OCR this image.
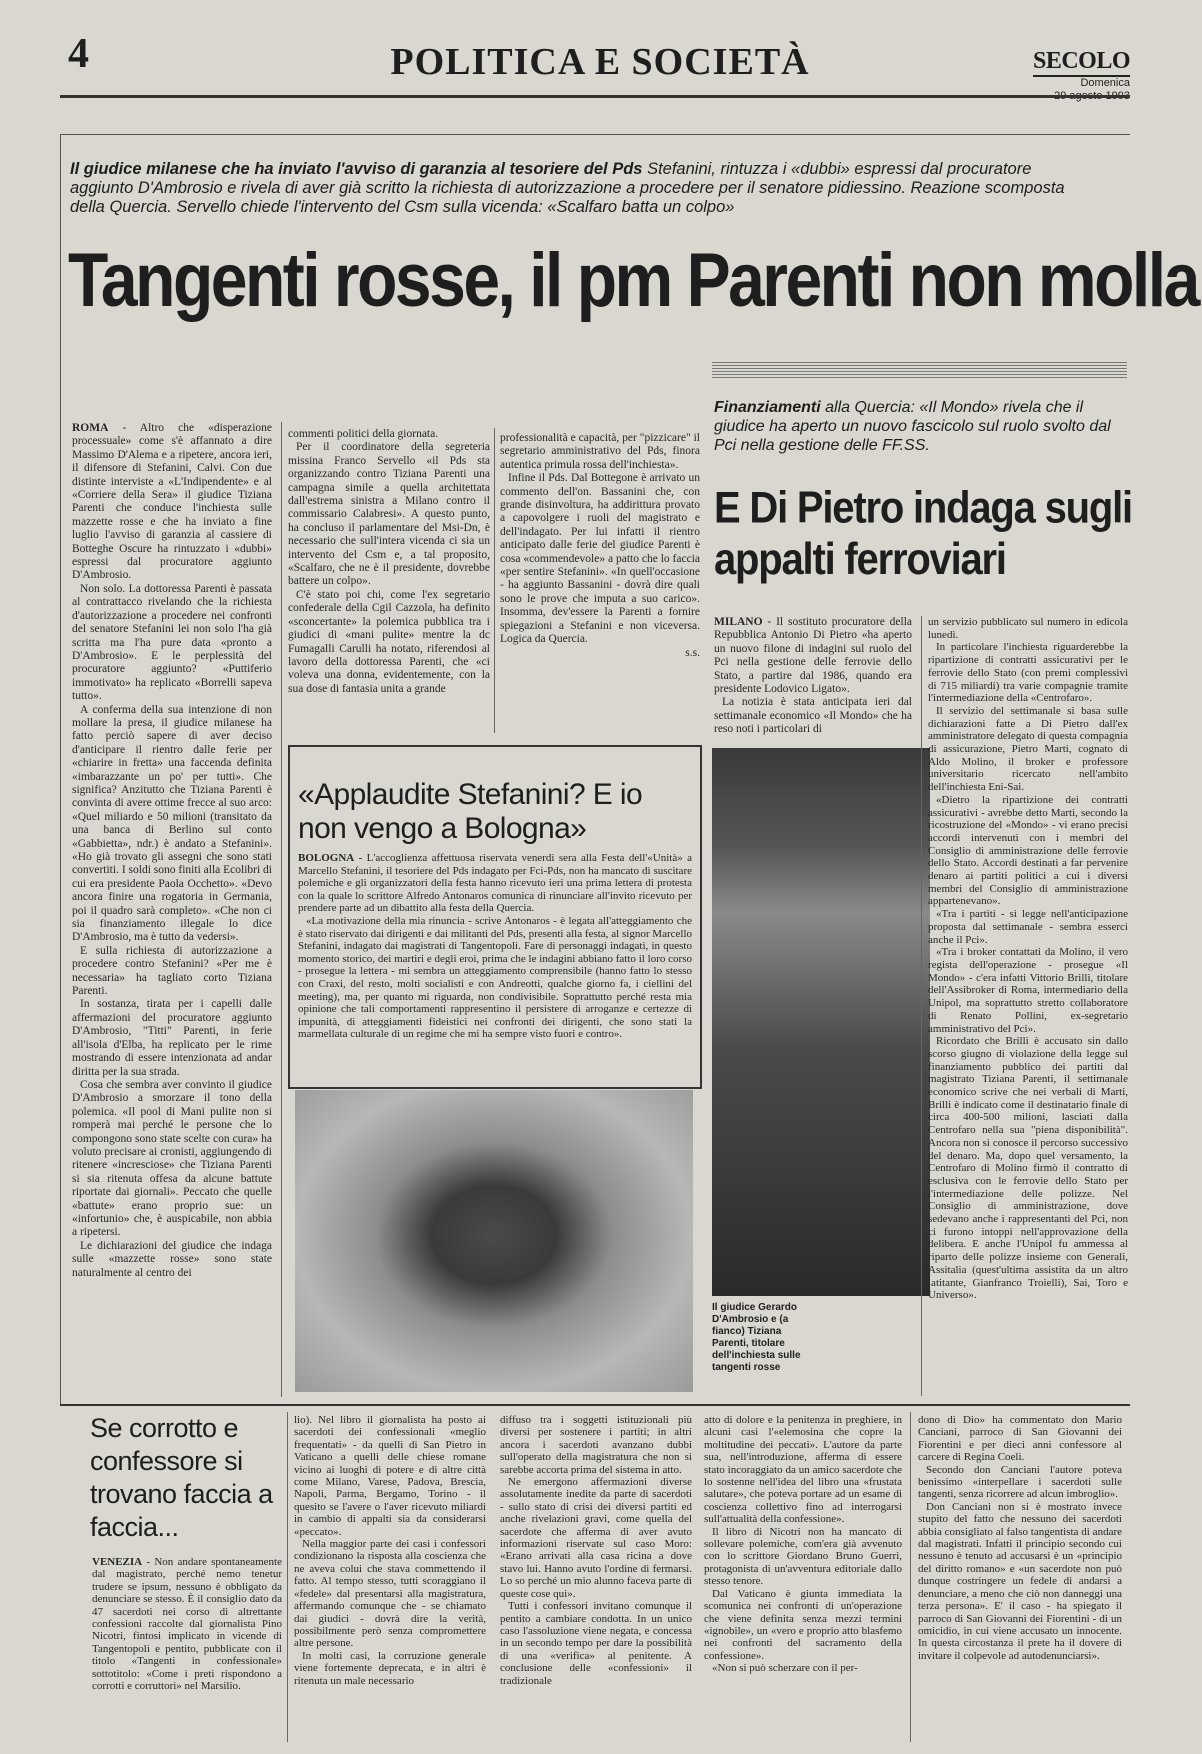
4	POLITICA E SOCIETÀ	SECOLO
Domenica
Il giudice milanese che ha inviato l'avviso di garanzia al tesoriere del Pds Stefanini, rintuzza i «dubbi» espressi dal procuratore aggiunto D'Ambrosio e rivela di aver già scritto la richiesta di autorizzazione a procedere per il senatore pidiessino. Reazione scomposta della Quercia. Servello chiede l'intervento del Csm sulla vicenda: «Scalfaro batta un colpo»
Tangenti rosse, il pm Parenti non molla

ROMA - Altro che «disperazione processuale» come s'è affannato a dire Massimo D'Alema e a ripetere, ancora ieri, il difensore di Stefanini, Calvi. Con due distinte interviste a «L'Indipendente» e al «Corriere della Sera» il giudice Tiziana Parenti che conduce l'inchiesta sulle mazzette rosse e che ha inviato a fine luglio l'avviso di garanzia al cassiere di Botteghe Oscure ha rintuzzato i «dubbi» espressi dal procuratore aggiunto D'Ambrosio.

Non solo. La dottoressa Parenti è passata al contrattacco rivelando che la richiesta d'autorizzazione a procedere nei confronti del senatore Stefanini lei non solo l'ha già scritta ma l'ha pure data «pronto a D'Ambrosio». E le perplessità del procuratore aggiunto? «Puttiferio immotivato» ha replicato «Borrelli sapeva tutto».

A conferma della sua intenzione di non mollare la presa, il giudice milanese ha fatto perciò sapere di aver deciso d'anticipare il rientro dalle ferie per «chiarire in fretta» una faccenda definita «imbarazzante un po' per tutti». Che significa? Anzitutto che Tiziana Parenti è convinta di avere ottime frecce al suo arco: «Quel miliardo e 50 milioni (transitato da una banca di Berlino sul conto «Gabbietta», ndr.) è andato a Stefanini». «Ho già trovato gli assegni che sono stati convertiti. I soldi sono finiti alla Ecolibri di cui era presidente Paola Occhetto». «Devo ancora finire una rogatoria in Germania, poi il quadro sarà completo». «Che non ci sia finanziamento illegale lo dice D'Ambrosio, ma è tutto da vedersi».

E sulla richiesta di autorizzazione a procedere contro Stefanini? «Per me è necessaria» ha tagliato corto Tiziana Parenti.

In sostanza, tirata per i capelli dalle affermazioni del procuratore aggiunto D'Ambrosio, "Titti" Parenti, in ferie all'isola d'Elba, ha replicato per le rime mostrando di essere intenzionata ad andar diritta per la sua strada.

Cosa che sembra aver convinto il giudice D'Ambrosio a smorzare il tono della polemica. «Il pool di Mani pulite non si romperà mai perché le persone che lo compongono sono state scelte con cura» ha voluto precisare ai cronisti, aggiungendo di ritenere «incresciose» che Tiziana Parenti si sia ritenuta offesa da alcune battute riportate dai giornali». Peccato che quelle «battute» erano proprio sue: un «infortunio» che, è auspicabile, non abbia a ripetersi.

Le dichiarazioni del giudice che indaga sulle «mazzette rosse» sono state naturalmente al centro dei

commenti politici della giornata.

Per il coordinatore della segreteria missina Franco Servello «il Pds sta organizzando contro Tiziana Parenti una campagna simile a quella architettata dall'estrema sinistra a Milano contro il commissario Calabresi». A questo punto, ha concluso il parlamentare del Msi-Dn, è necessario che sull'intera vicenda ci sia un intervento del Csm e, a tal proposito, «Scalfaro, che ne è il presidente, dovrebbe battere un colpo».

C'è stato poi chi, come l'ex segretario confederale della Cgil Cazzola, ha definito «sconcertante» la polemica pubblica tra i giudici di «mani pulite» mentre la dc Fumagalli Carulli ha notato, riferendosi al lavoro della dottoressa Parenti, che «ci voleva una donna, evidentemente, con la sua dose di fantasia unita a grande

professionalità e capacità, per "pizzicare" il segretario amministrativo del Pds, finora autentica primula rossa dell'inchiesta».

Infine il Pds. Dal Bottegone è arrivato un commento dell'on. Bassanini che, con grande disinvoltura, ha addirittura provato a capovolgere i ruoli del magistrato e dell'indagato. Per lui infatti il rientro anticipato dalle ferie del giudice Parenti è cosa «commendevole» a patto che lo faccia «per sentire Stefanini». «In quell'occasione - ha aggiunto Bassanini - dovrà dire quali sono le prove che imputa a suo carico». Insomma, dev'essere la Parenti a fornire spiegazioni a Stefanini e non viceversa. Logica da Quercia.

s.s.

«Applaudite Stefanini? E io non vengo a Bologna»

BOLOGNA - L'accoglienza affettuosa riservata venerdì sera alla Festa dell'«Unità» a Marcello Stefanini, il tesoriere del Pds indagato per Fci-Pds, non ha mancato di suscitare polemiche e gli organizzatori della festa hanno ricevuto ieri una prima lettera di protesta con la quale lo scrittore Alfredo Antonaros comunica di rinunciare all'invito ricevuto per prendere parte ad un dibattito alla festa della Quercia.

«La motivazione della mia rinuncia - scrive Antonaros - è legata all'atteggiamento che è stato riservato dai dirigenti e dai militanti del Pds, presenti alla festa, al signor Marcello Stefanini, indagato dai magistrati di Tangentopoli. Fare di personaggi indagati, in questo momento storico, dei martiri e degli eroi, prima che le indagini abbiano fatto il loro corso - prosegue la lettera - mi sembra un atteggiamento comprensibile (hanno fatto lo stesso con Craxi, del resto, molti socialisti e con Andreotti, qualche giorno fa, i ciellini del meeting), ma, per quanto mi riguarda, non condivisibile. Soprattutto perché resta mia opinione che tali comportamenti rappresentino il persistere di arroganze e certezze di impunità, di atteggiamenti fideistici nei confronti dei dirigenti, che sono stati la marmellata culturale di un regime che mi ha sempre visto fuori e contro».

Finanziamenti alla Quercia: «Il Mondo» rivela che il giudice ha aperto un nuovo fascicolo sul ruolo svolto dal Pci nella gestione delle FF.SS.
E Di Pietro indaga sugli appalti ferroviari

MILANO - Il sostituto procuratore della Repubblica Antonio Di Pietro «ha aperto un nuovo filone di indagini sul ruolo del Pci nella gestione delle ferrovie dello Stato, a partire dal 1986, quando era presidente Lodovico Ligato».

La notizia è stata anticipata ieri dal settimanale economico «Il Mondo» che ha reso noti i particolari di

Il giudice Gerardo D'Ambrosio e (a fianco) Tiziana Parenti, titolare dell'inchiesta sulle tangenti rosse

un servizio pubblicato sul numero in edicola lunedì.

In particolare l'inchiesta riguarderebbe la ripartizione di contratti assicurativi per le ferrovie dello Stato (con premi complessivi di 715 miliardi) tra varie compagnie tramite l'intermediazione della «Centrofaro».

Il servizio del settimanale si basa sulle dichiarazioni fatte a Di Pietro dall'ex amministratore delegato di questa compagnia di assicurazione, Pietro Marti, cognato di Aldo Molino, il broker e professore universitario ricercato nell'ambito dell'inchiesta Eni-Sai.

«Dietro la ripartizione dei contratti assicurativi - avrebbe detto Marti, secondo la ricostruzione del «Mondo» - vi erano precisi accordi intervenuti con i membri del Consiglio di amministrazione delle ferrovie dello Stato. Accordi destinati a far pervenire denaro ai partiti politici a cui i diversi membri del Consiglio di amministrazione appartenevano».

«Tra i partiti - si legge nell'anticipazione proposta dal settimanale - sembra esserci anche il Pci».

«Tra i broker contattati da Molino, il vero regista dell'operazione - prosegue «Il Mondo» - c'era infatti Vittorio Brilli, titolare dell'Assibroker di Roma, intermediario della Unipol, ma soprattutto stretto collaboratore di Renato Pollini, ex-segretario amministrativo del Pci».

Ricordato che Brilli è accusato sin dallo scorso giugno di violazione della legge sul finanziamento pubblico dei partiti dal magistrato Tiziana Parenti, il settimanale economico scrive che nei verbali di Marti, Brilli è indicato come il destinatario finale di circa 400-500 milioni, lasciati dalla Centrofaro nella sua "piena disponibilità". Ancora non si conosce il percorso successivo del denaro. Ma, dopo quel versamento, la Centrofaro di Molino firmò il contratto di esclusiva con le ferrovie dello Stato per l'intermediazione delle polizze. Nel Consiglio di amministrazione, dove sedevano anche i rappresentanti del Pci, non ci furono intoppi nell'approvazione della delibera. E anche l'Unipol fu ammessa al riparto delle polizze insieme con Generali, Assitalia (quest'ultima assistita da un altro latitante, Gianfranco Troielli), Sai, Toro e Universo».

Se corrotto e confessore si trovano faccia a faccia...

VENEZIA - Non andare spontaneamente dal magistrato, perché nemo tenetur trudere se ipsum, nessuno è obbligato da denunciare se stesso. È il consiglio dato da 47 sacerdoti nei corso di altrettante confessioni raccolte dal giornalista Pino Nicotri, fintosi implicato in vicende di Tangentopoli e pentito, pubblicate con il titolo «Tangenti in confessionale» sottotitolo: «Come i preti rispondono a corrotti e corruttori» nel Marsilio.

lio). Nel libro il giornalista ha posto ai sacerdoti dei confessionali «meglio frequentati» - da quelli di San Pietro in Vaticano a quelli delle chiese romane vicino ai luoghi di potere e di altre città come Milano, Varese, Padova, Brescia, Napoli, Parma, Bergamo, Torino - il quesito se l'avere o l'aver ricevuto miliardi in cambio di appalti sia da considerarsi «peccato».

Nella maggior parte dei casi i confessori condizionano la risposta alla coscienza che ne aveva colui che stava commettendo il fatto. Al tempo stesso, tutti scoraggiano il «fedele» dal presentarsi alla magistratura, affermando comunque che - se chiamato dai giudici - dovrà dire la verità, possibilmente però senza compromettere altre persone.

In molti casi, la corruzione generale viene fortemente deprecata, e in altri è ritenuta un male necessario

diffuso tra i soggetti istituzionali più diversi per sostenere i partiti; in altri ancora i sacerdoti avanzano dubbi sull'operato della magistratura che non si sarebbe accorta prima del sistema in atto.

Ne emergono affermazioni diverse assolutamente inedite da parte di sacerdoti - sullo stato di crisi dei diversi partiti ed anche rivelazioni gravi, come quella del sacerdote che afferma di aver avuto informazioni riservate sul caso Moro: «Erano arrivati alla casa ricina a dove stavo lui. Hanno avuto l'ordine di fermarsi. Lo so perché un mio alunno faceva parte di queste cose qui».

Tutti i confessori invitano comunque il pentito a cambiare condotta. In un unico caso l'assoluzione viene negata, e concessa in un secondo tempo per dare la possibilità di una «verifica» al penitente. A conclusione delle «confessioni» il tradizionale

atto di dolore e la penitenza in preghiere, in alcuni casi l'«elemosina che copre la moltitudine dei peccati». L'autore da parte sua, nell'introduzione, afferma di essere stato incoraggiato da un amico sacerdote che lo sostenne nell'idea del libro una «frustata salutare», che poteva portare ad un esame di coscienza collettivo fino ad interrogarsi sull'attualità della confessione».

Il libro di Nicotri non ha mancato di sollevare polemiche, com'era già avvenuto con lo scrittore Giordano Bruno Guerri, protagonista di un'avventura editoriale dallo stesso tenore.

Dal Vaticano è giunta immediata la scomunica nei confronti di un'operazione che viene definita senza mezzi termini «ignobile», un «vero e proprio atto blasfemo nei confronti del sacramento della confessione».

«Non si può scherzare con il per-

dono di Dio» ha commentato don Mario Canciani, parroco di San Giovanni dei Fiorentini e per dieci anni confessore al carcere di Regina Coeli.

Secondo don Canciani l'autore poteva benissimo «interpellare i sacerdoti sulle tangenti, senza ricorrere ad alcun imbroglio».

Don Canciani non si è mostrato invece stupito del fatto che nessuno dei sacerdoti abbia consigliato al falso tangentista di andare dal magistrati. Infatti il principio secondo cui nessuno è tenuto ad accusarsi è un «principio del diritto romano» e «un sacerdote non può dunque costringere un fedele di andarsi a denunciare, a meno che ciò non danneggi una terza persona». E' il caso - ha spiegato il parroco di San Giovanni dei Fiorentini - di un omicidio, in cui viene accusato un innocente. In questa circostanza il prete ha il dovere di invitare il colpevole ad autodenunciarsi».
